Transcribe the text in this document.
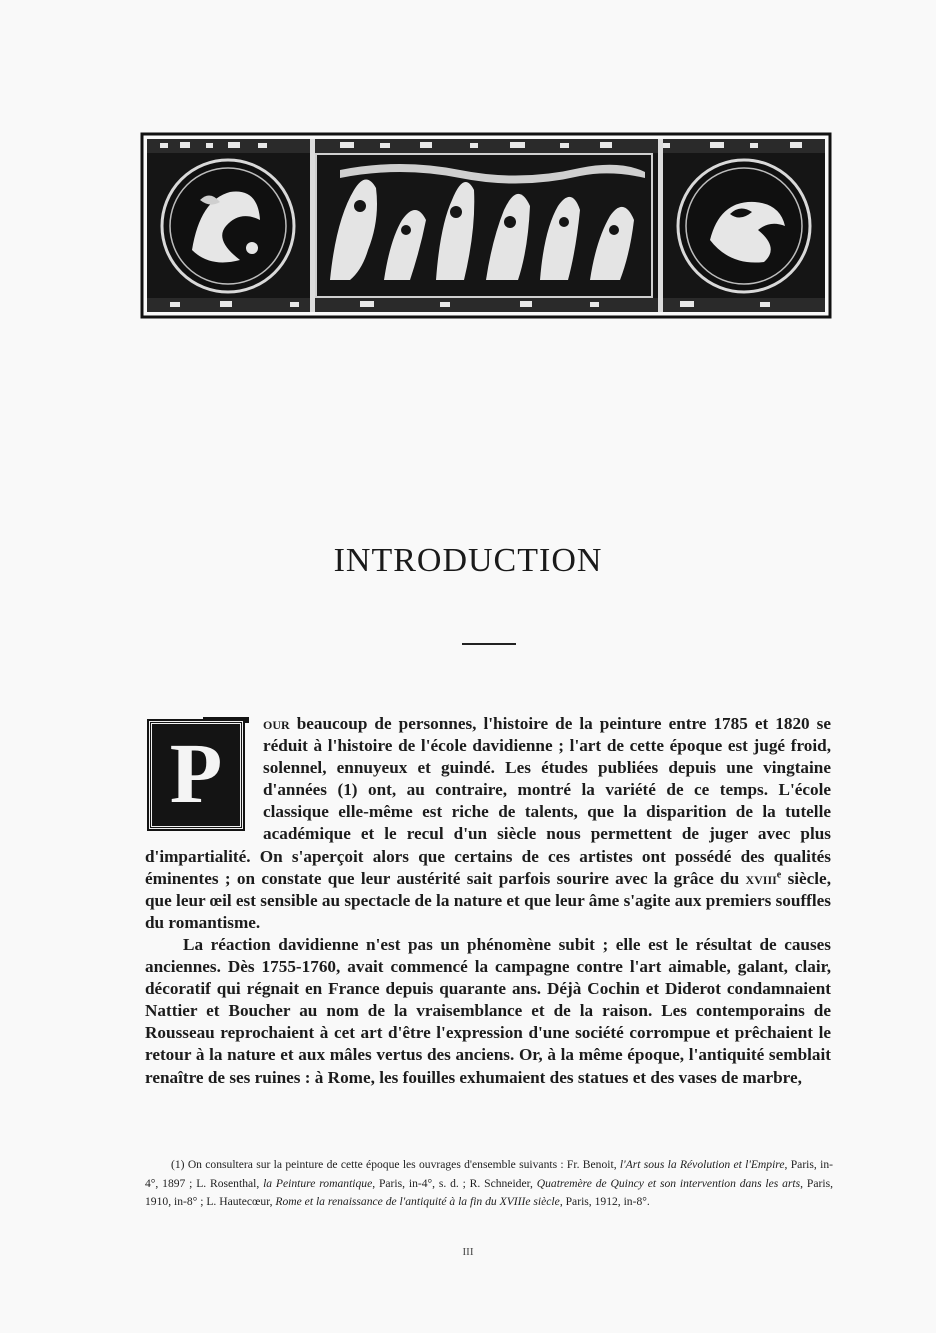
INTRODUCTION

P
our beaucoup de personnes, l'histoire de la peinture entre 1785 et 1820 se réduit à l'histoire de l'école davidienne ; l'art de cette époque est jugé froid, solennel, ennuyeux et guindé. Les études publiées depuis une vingtaine d'années (1) ont, au contraire, montré la variété de ce temps. L'école classique elle-même est riche de talents, que la disparition de la tutelle académique et le recul d'un siècle nous permettent de juger avec plus d'impartialité. On s'aperçoit alors que certains de ces artistes ont possédé des qualités éminentes ; on constate que leur austérité sait parfois sourire avec la grâce du xviii$^e$ siècle, que leur œil est sensible au spectacle de la nature et que leur âme s'agite aux premiers souffles du romantisme.

La réaction davidienne n'est pas un phénomène subit ; elle est le résultat de causes anciennes. Dès 1755-1760, avait commencé la campagne contre l'art aimable, galant, clair, décoratif qui régnait en France depuis quarante ans. Déjà Cochin et Diderot condamnaient Nattier et Boucher au nom de la vraisemblance et de la raison. Les contemporains de Rousseau reprochaient à cet art d'être l'expression d'une société corrompue et prêchaient le retour à la nature et aux mâles vertus des anciens. Or, à la même époque, l'antiquité semblait renaître de ses ruines : à Rome, les fouilles exhumaient des statues et des vases de marbre,

(1) On consultera sur la peinture de cette époque les ouvrages d'ensemble suivants : Fr. Benoit, l'Art sous la Révolution et l'Empire, Paris, in-4°, 1897 ; L. Rosenthal, la Peinture romantique, Paris, in-4°, s. d. ; R. Schneider, Quatremère de Quincy et son intervention dans les arts, Paris, 1910, in-8° ; L. Hautecœur, Rome et la renaissance de l'antiquité à la fin du XVIIIe siècle, Paris, 1912, in-8°.

III
